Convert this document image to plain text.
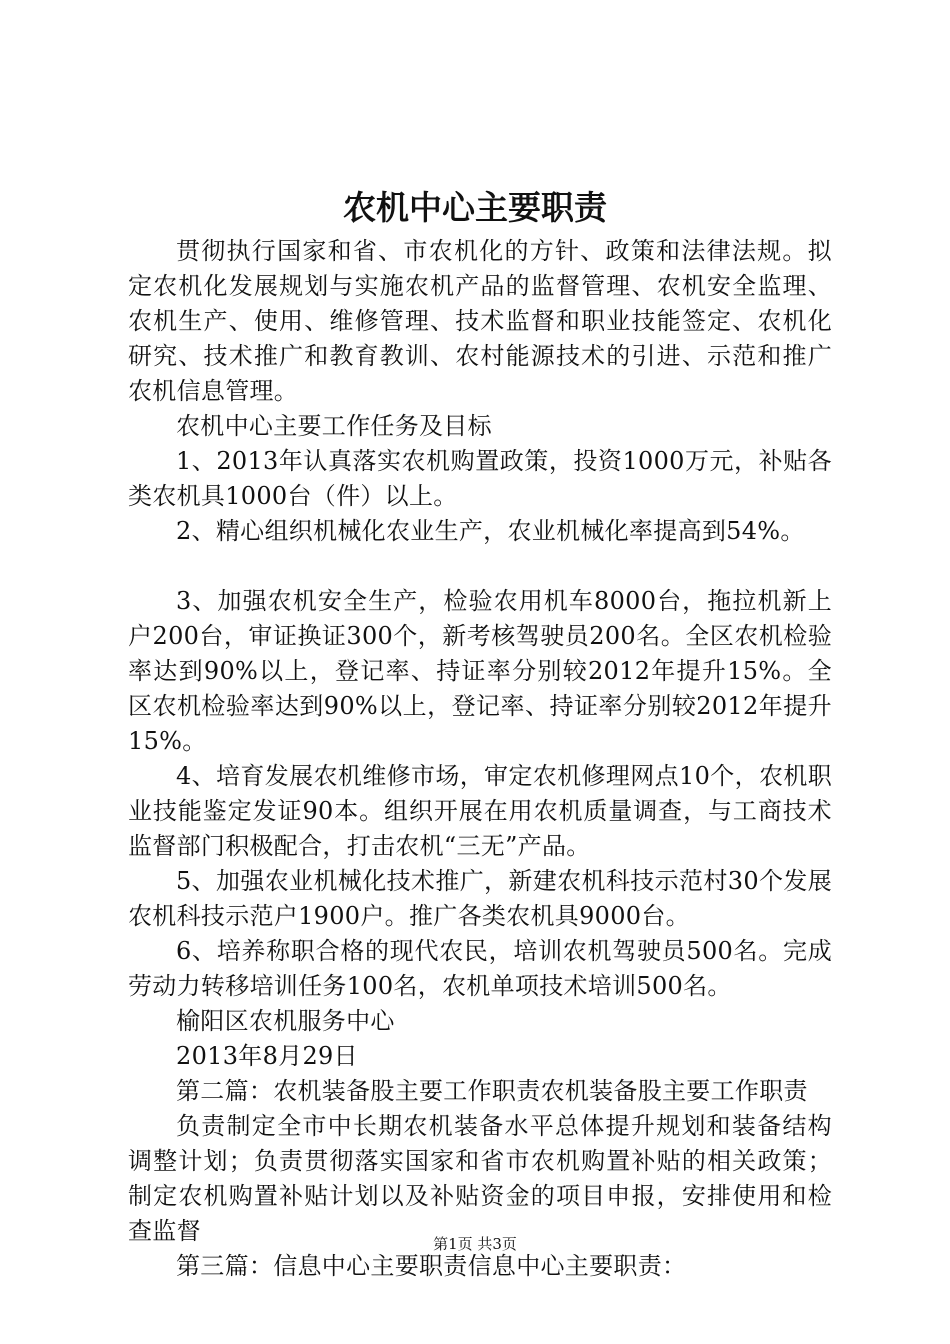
农机中心主要职责

贯彻执行国家和省、市农机化的方针、政策和法律法规。拟定农机化发展规划与实施农机产品的监督管理、农机安全监理、农机生产、使用、维修管理、技术监督和职业技能签定、农机化研究、技术推广和教育教训、农村能源技术的引进、示范和推广农机信息管理。

农机中心主要工作任务及目标

1、2013年认真落实农机购置政策，投资1000万元，补贴各类农机具1000台（件）以上。

2、精心组织机械化农业生产，农业机械化率提高到54%。

3、加强农机安全生产，检验农用机车8000台，拖拉机新上户200台，审证换证300个，新考核驾驶员200名。全区农机检验率达到90%以上，登记率、持证率分别较2012年提升15%。全区农机检验率达到90%以上，登记率、持证率分别较2012年提升15%。

4、培育发展农机维修市场，审定农机修理网点10个，农机职业技能鉴定发证90本。组织开展在用农机质量调查，与工商技术监督部门积极配合，打击农机“三无”产品。

5、加强农业机械化技术推广，新建农机科技示范村30个发展农机科技示范户1900户。推广各类农机具9000台。

6、培养称职合格的现代农民，培训农机驾驶员500名。完成劳动力转移培训任务100名，农机单项技术培训500名。

榆阳区农机服务中心

2013年8月29日

第二篇：农机装备股主要工作职责农机装备股主要工作职责

负责制定全市中长期农机装备水平总体提升规划和装备结构调整计划；负责贯彻落实国家和省市农机购置补贴的相关政策；制定农机购置补贴计划以及补贴资金的项目申报，安排使用和检查监督

第三篇：信息中心主要职责信息中心主要职责：

第1页 共3页
